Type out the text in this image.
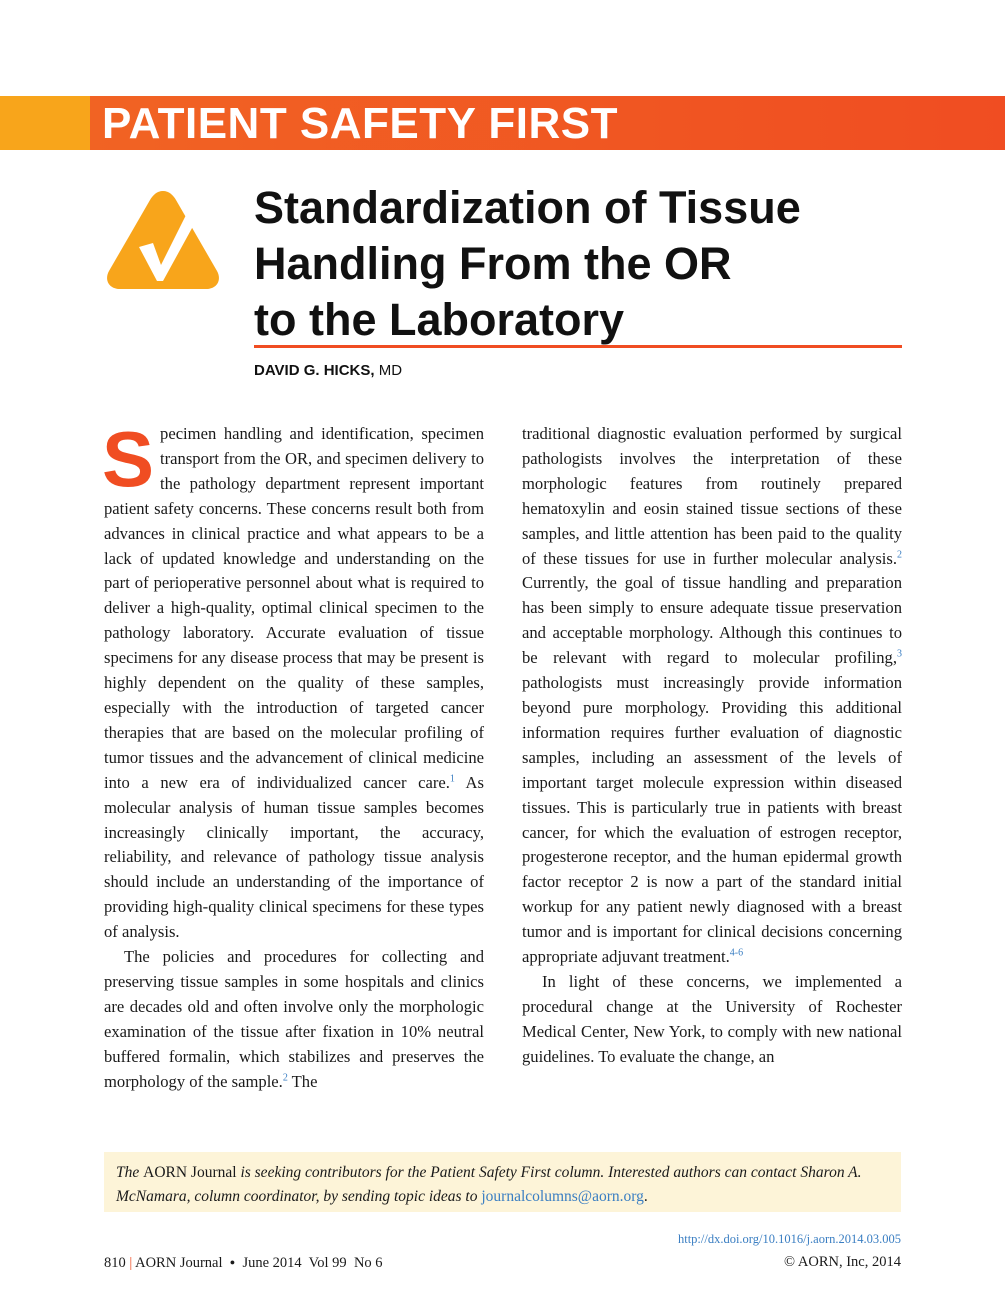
PATIENT SAFETY FIRST
Standardization of Tissue
Handling From the OR
to the Laboratory
DAVID G. HICKS, MD

Specimen handling and identification, specimen transport from the OR, and specimen delivery to the pathology department represent important patient safety concerns. These concerns result both from advances in clinical practice and what appears to be a lack of updated knowledge and understanding on the part of perioperative personnel about what is required to deliver a high-quality, optimal clinical specimen to the pathology laboratory. Accurate evaluation of tissue specimens for any disease process that may be present is highly dependent on the quality of these samples, especially with the introduction of targeted cancer therapies that are based on the molecular profiling of tumor tissues and the advancement of clinical medicine into a new era of individualized cancer care.$^1$ As molecular analysis of human tissue samples becomes increasingly clinically important, the accuracy, reliability, and relevance of pathology tissue analysis should include an understanding of the importance of providing high-quality clinical specimens for these types of analysis.

The policies and procedures for collecting and preserving tissue samples in some hospitals and clinics are decades old and often involve only the morphologic examination of the tissue after fixation in 10% neutral buffered formalin, which stabilizes and preserves the morphology of the sample.$^2$ The

traditional diagnostic evaluation performed by surgical pathologists involves the interpretation of these morphologic features from routinely prepared hematoxylin and eosin stained tissue sections of these samples, and little attention has been paid to the quality of these tissues for use in further molecular analysis.$^2$ Currently, the goal of tissue handling and preparation has been simply to ensure adequate tissue preservation and acceptable morphology. Although this continues to be relevant with regard to molecular profiling,$^3$ pathologists must increasingly provide information beyond pure morphology. Providing this additional information requires further evaluation of diagnostic samples, including an assessment of the levels of important target molecule expression within diseased tissues. This is particularly true in patients with breast cancer, for which the evaluation of estrogen receptor, progesterone receptor, and the human epidermal growth factor receptor 2 is now a part of the standard initial workup for any patient newly diagnosed with a breast tumor and is important for clinical decisions concerning appropriate adjuvant treatment.$^{4-6}$

In light of these concerns, we implemented a procedural change at the University of Rochester Medical Center, New York, to comply with new national guidelines. To evaluate the change, an

The AORN Journal is seeking contributors for the Patient Safety First column. Interested authors can contact Sharon A. McNamara, column coordinator, by sending topic ideas to journalcolumns@aorn.org.
http://dx.doi.org/10.1016/j.aorn.2014.03.005
810 | AORN Journal ● June 2014 Vol 99 No 6	© AORN, Inc, 2014
